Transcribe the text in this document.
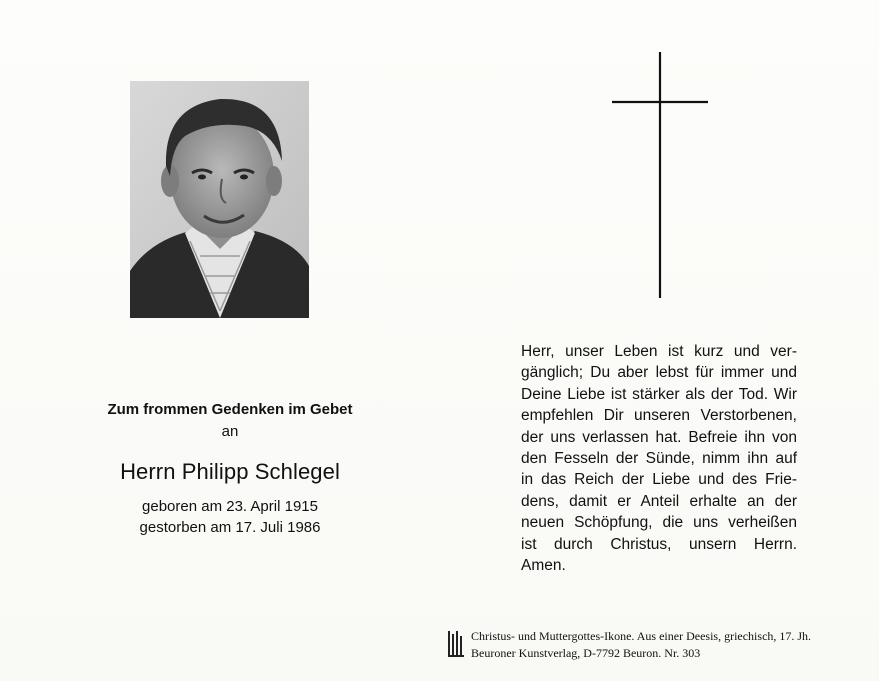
Zum frommen Gedenken im Gebet
an
Herrn Philipp Schlegel
geboren am 23. April 1915
gestorben am 17. Juli 1986
Herr, unser Leben ist kurz und ver-
gänglich; Du aber lebst für immer und
Deine Liebe ist stärker als der Tod. Wir
empfehlen Dir unseren Verstorbenen,
der uns verlassen hat. Befreie ihn von
den Fesseln der Sünde, nimm ihn auf
in das Reich der Liebe und des Frie-
dens, damit er Anteil erhalte an der
neuen Schöpfung, die uns verheißen
ist durch Christus, unsern Herrn.
Amen.
Christus- und Muttergottes-Ikone. Aus einer Deesis, griechisch, 17. Jh.
Beuroner Kunstverlag, D-7792 Beuron. Nr. 303
